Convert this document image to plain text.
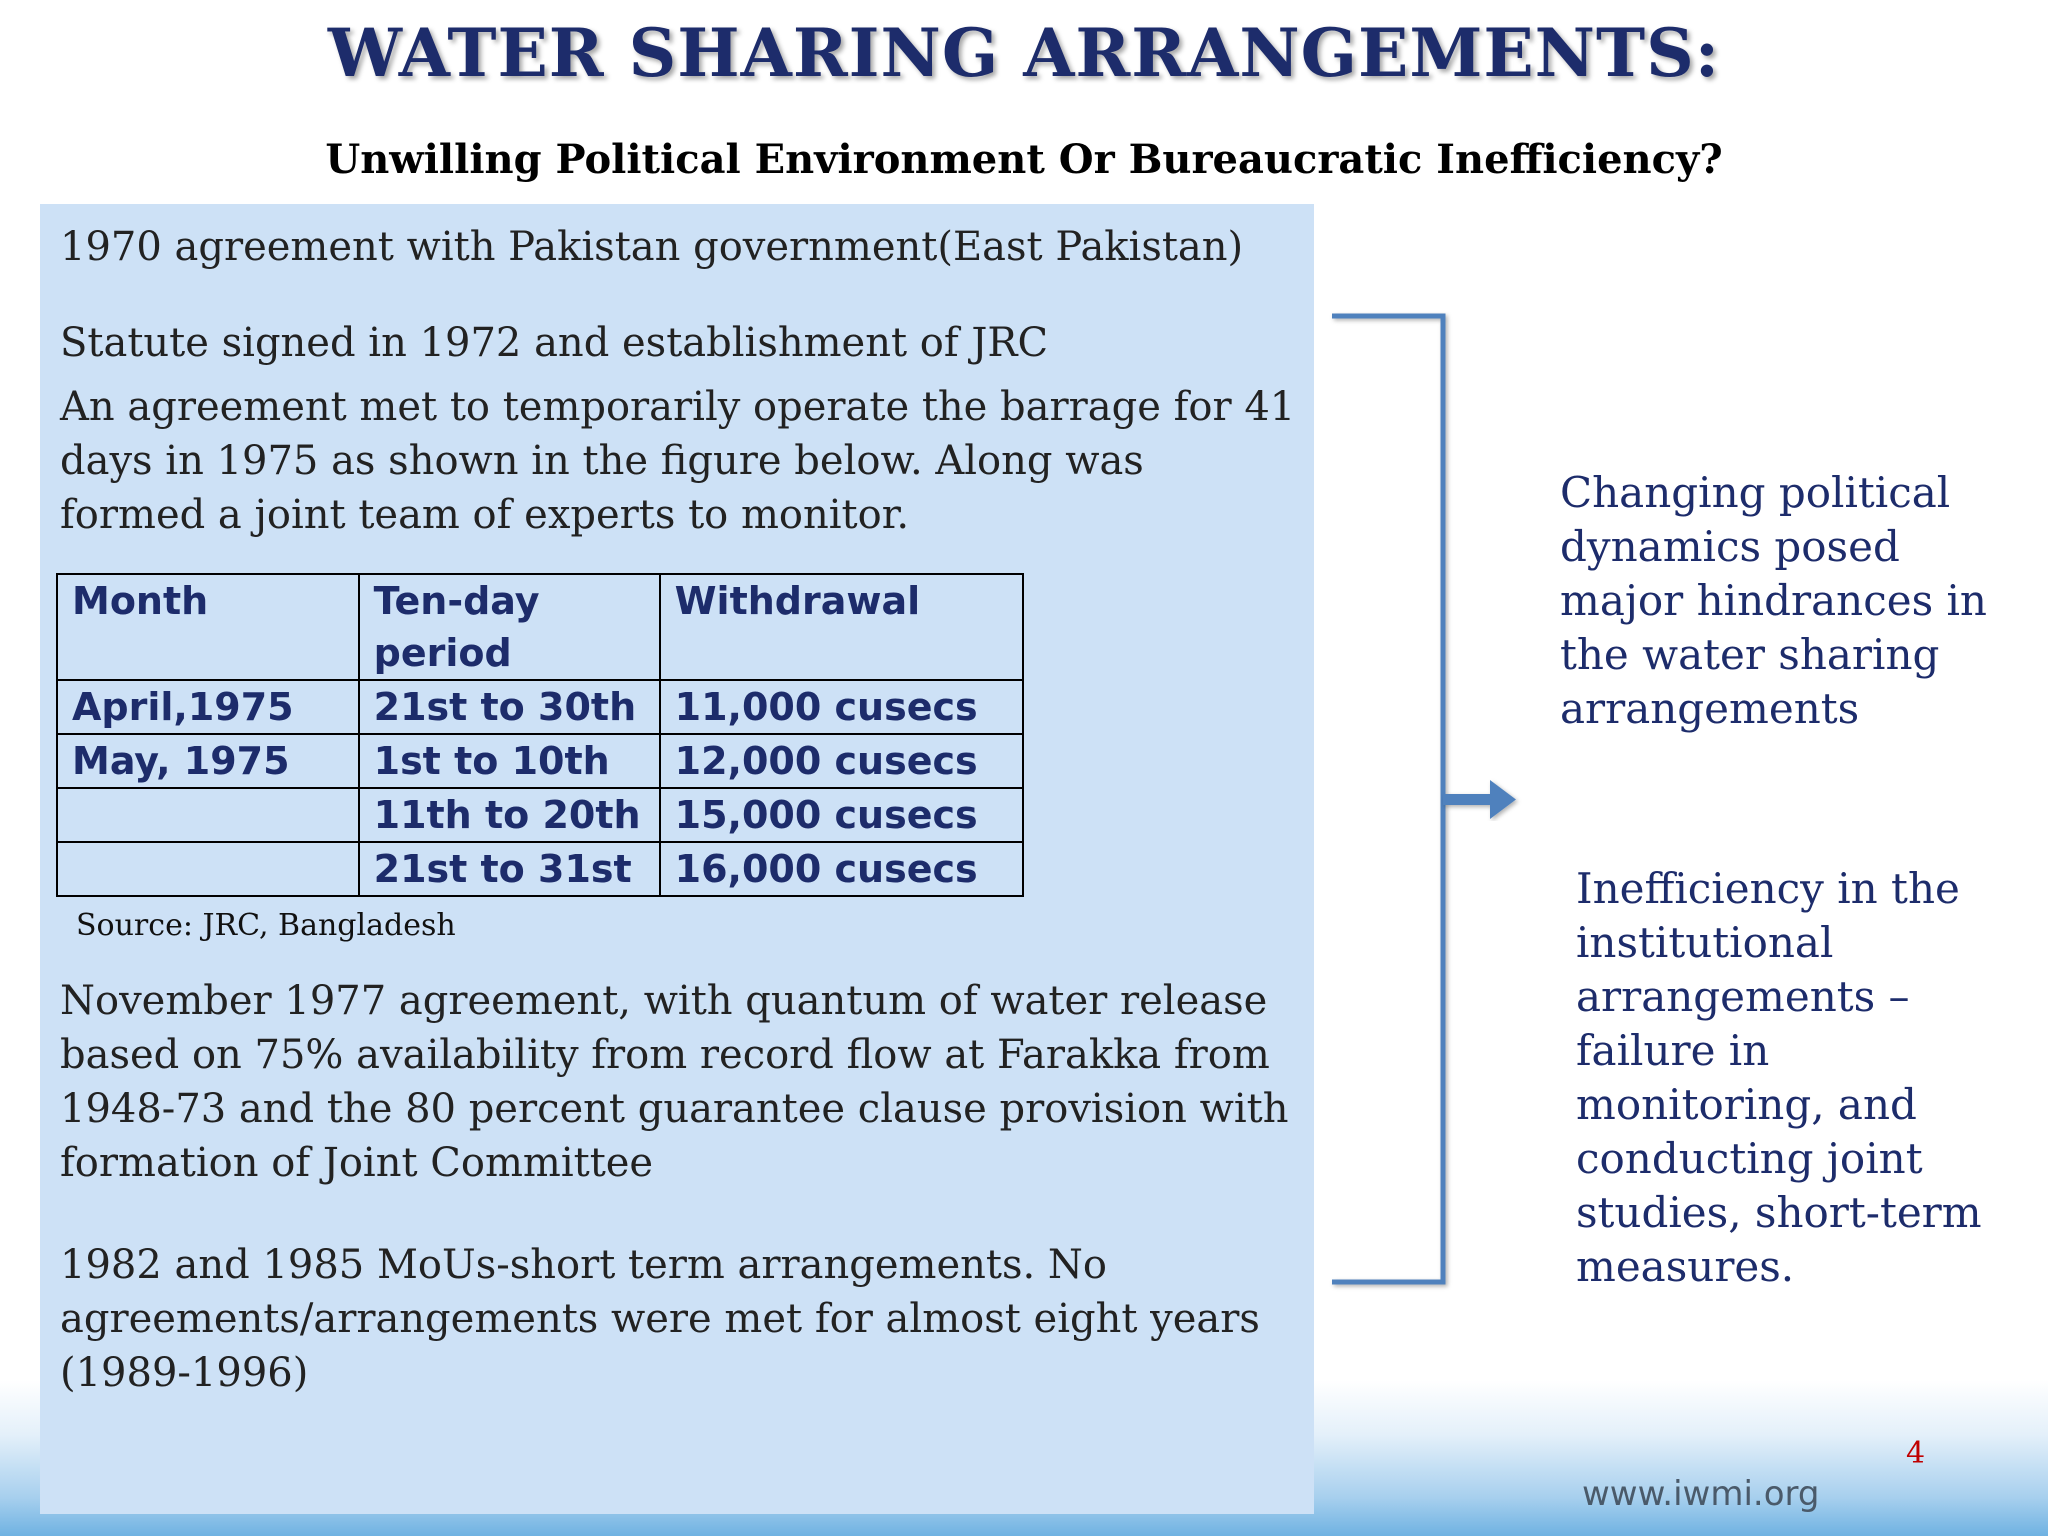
WATER SHARING ARRANGEMENTS:
Unwilling Political Environment Or Bureaucratic Inefficiency?

1970 agreement with Pakistan government(East Pakistan)

Statute signed in 1972 and establishment of JRC

An agreement met to temporarily operate the barrage for 41 days in 1975 as shown in the figure below. Along was formed a joint team of experts to monitor.

Month	Ten-day period	Withdrawal
April,1975	21st to 30th	11,000 cusecs
May, 1975	1st to 10th	12,000 cusecs
	11th to 20th	15,000 cusecs
	21st to 31st	16,000 cusecs

Source: JRC, Bangladesh

November 1977 agreement, with quantum of water release based on 75% availability from record flow at Farakka from 1948-73 and the 80 percent guarantee clause provision with formation of Joint Committee

1982 and 1985 MoUs-short term arrangements. No agreements/arrangements were met for almost eight years (1989-1996)

Changing political dynamics posed major hindrances in the water sharing arrangements

Inefficiency in the institutional arrangements – failure in monitoring, and conducting joint studies, short-term measures.

4

www.iwmi.org
